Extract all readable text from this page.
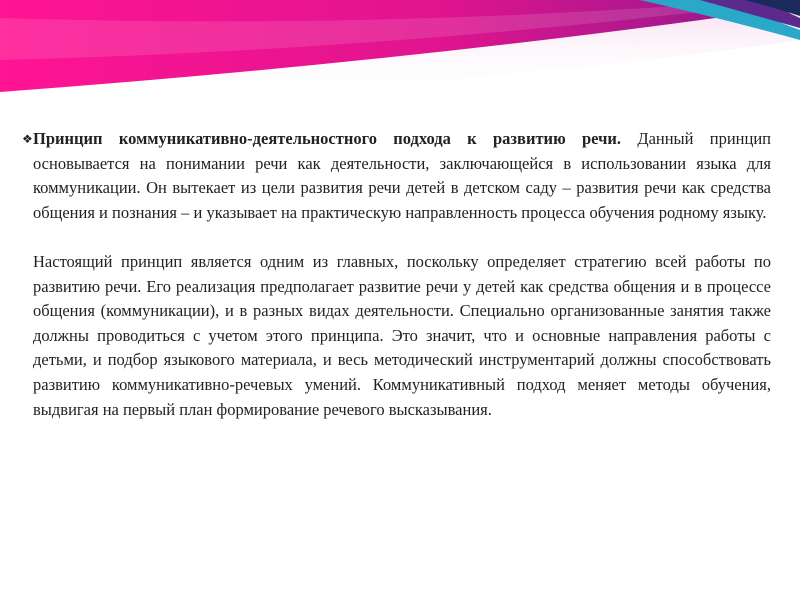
❖ Принцип коммуникативно-деятельностного подхода к развитию речи. Данный принцип основывается на понимании речи как деятельности, заключающейся в использовании языка для коммуникации. Он вытекает из цели развития речи детей в детском саду – развития речи как средства общения и познания – и указывает на практическую направленность процесса обучения родному языку.

Настоящий принцип является одним из главных, поскольку определяет стратегию всей работы по развитию речи. Его реализация предполагает развитие речи у детей как средства общения и в процессе общения (коммуникации), и в разных видах деятельности. Специально организованные занятия также должны проводиться с учетом этого принципа. Это значит, что и основные направления работы с детьми, и подбор языкового материала, и весь методический инструментарий должны способствовать развитию коммуникативно-речевых умений. Коммуникативный подход меняет методы обучения, выдвигая на первый план формирование речевого высказывания.
